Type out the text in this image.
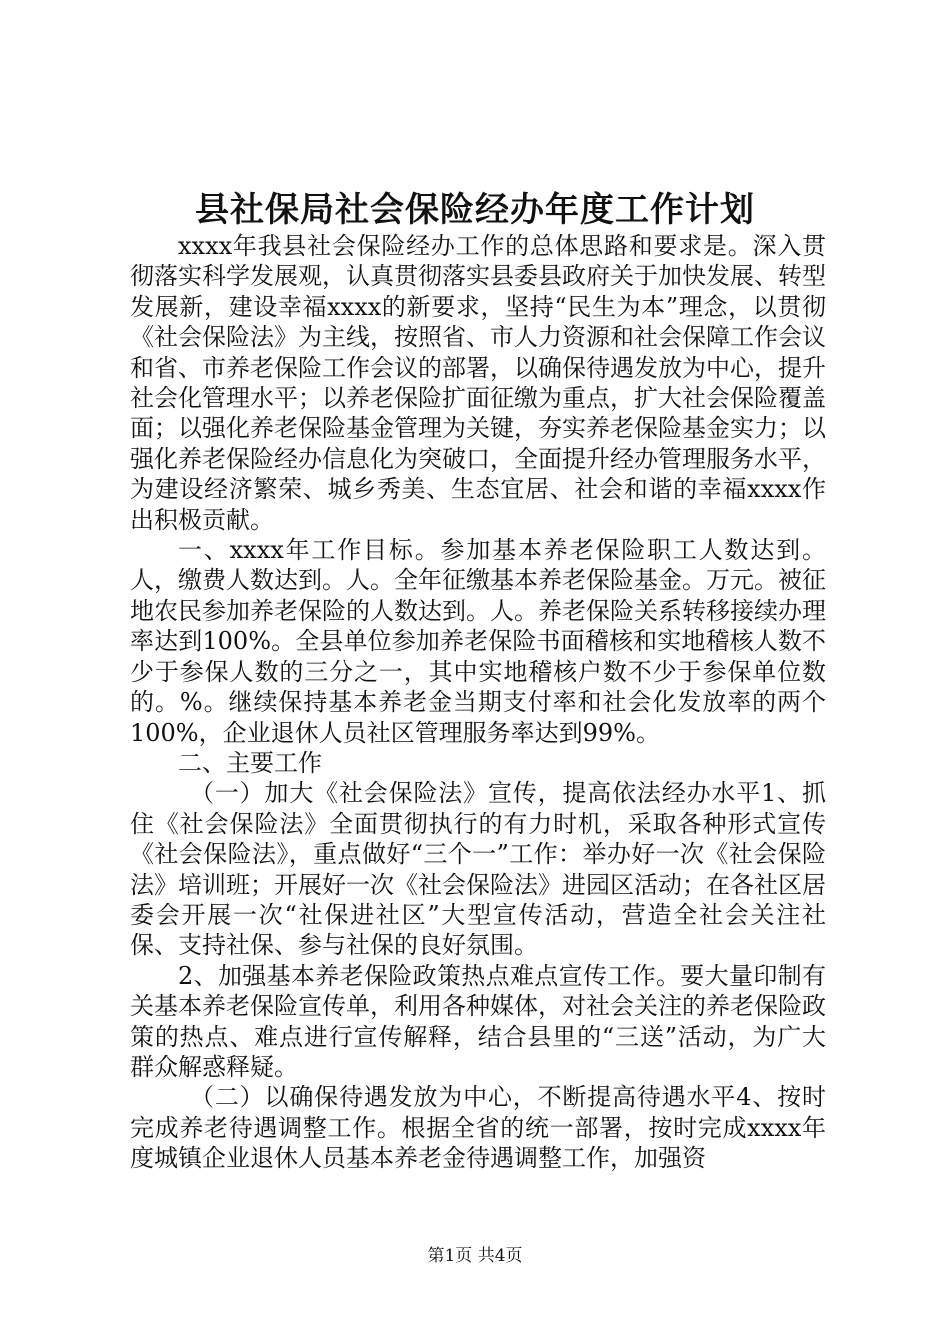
县社保局社会保险经办年度工作计划

xxxx年我县社会保险经办工作的总体思路和要求是。深入贯彻落实科学发展观，认真贯彻落实县委县政府关于加快发展、转型发展新，建设幸福xxxx的新要求，坚持“民生为本”理念，以贯彻《社会保险法》为主线，按照省、市人力资源和社会保障工作会议和省、市养老保险工作会议的部署，以确保待遇发放为中心，提升社会化管理水平；以养老保险扩面征缴为重点，扩大社会保险覆盖面；以强化养老保险基金管理为关键，夯实养老保险基金实力；以强化养老保险经办信息化为突破口，全面提升经办管理服务水平，为建设经济繁荣、城乡秀美、生态宜居、社会和谐的幸福xxxx作出积极贡献。

一、xxxx年工作目标。参加基本养老保险职工人数达到。人，缴费人数达到。人。全年征缴基本养老保险基金。万元。被征地农民参加养老保险的人数达到。人。养老保险关系转移接续办理率达到100%。全县单位参加养老保险书面稽核和实地稽核人数不少于参保人数的三分之一，其中实地稽核户数不少于参保单位数的。%。继续保持基本养老金当期支付率和社会化发放率的两个100%，企业退休人员社区管理服务率达到99%。

二、主要工作

（一）加大《社会保险法》宣传，提高依法经办水平1、抓住《社会保险法》全面贯彻执行的有力时机，采取各种形式宣传《社会保险法》，重点做好“三个一”工作：举办好一次《社会保险法》培训班；开展好一次《社会保险法》进园区活动；在各社区居委会开展一次“社保进社区”大型宣传活动，营造全社会关注社保、支持社保、参与社保的良好氛围。

2、加强基本养老保险政策热点难点宣传工作。要大量印制有关基本养老保险宣传单，利用各种媒体，对社会关注的养老保险政策的热点、难点进行宣传解释，结合县里的“三送”活动，为广大群众解惑释疑。

（二）以确保待遇发放为中心，不断提高待遇水平4、按时完成养老待遇调整工作。根据全省的统一部署，按时完成xxxx年度城镇企业退休人员基本养老金待遇调整工作，加强资

第1页 共4页
